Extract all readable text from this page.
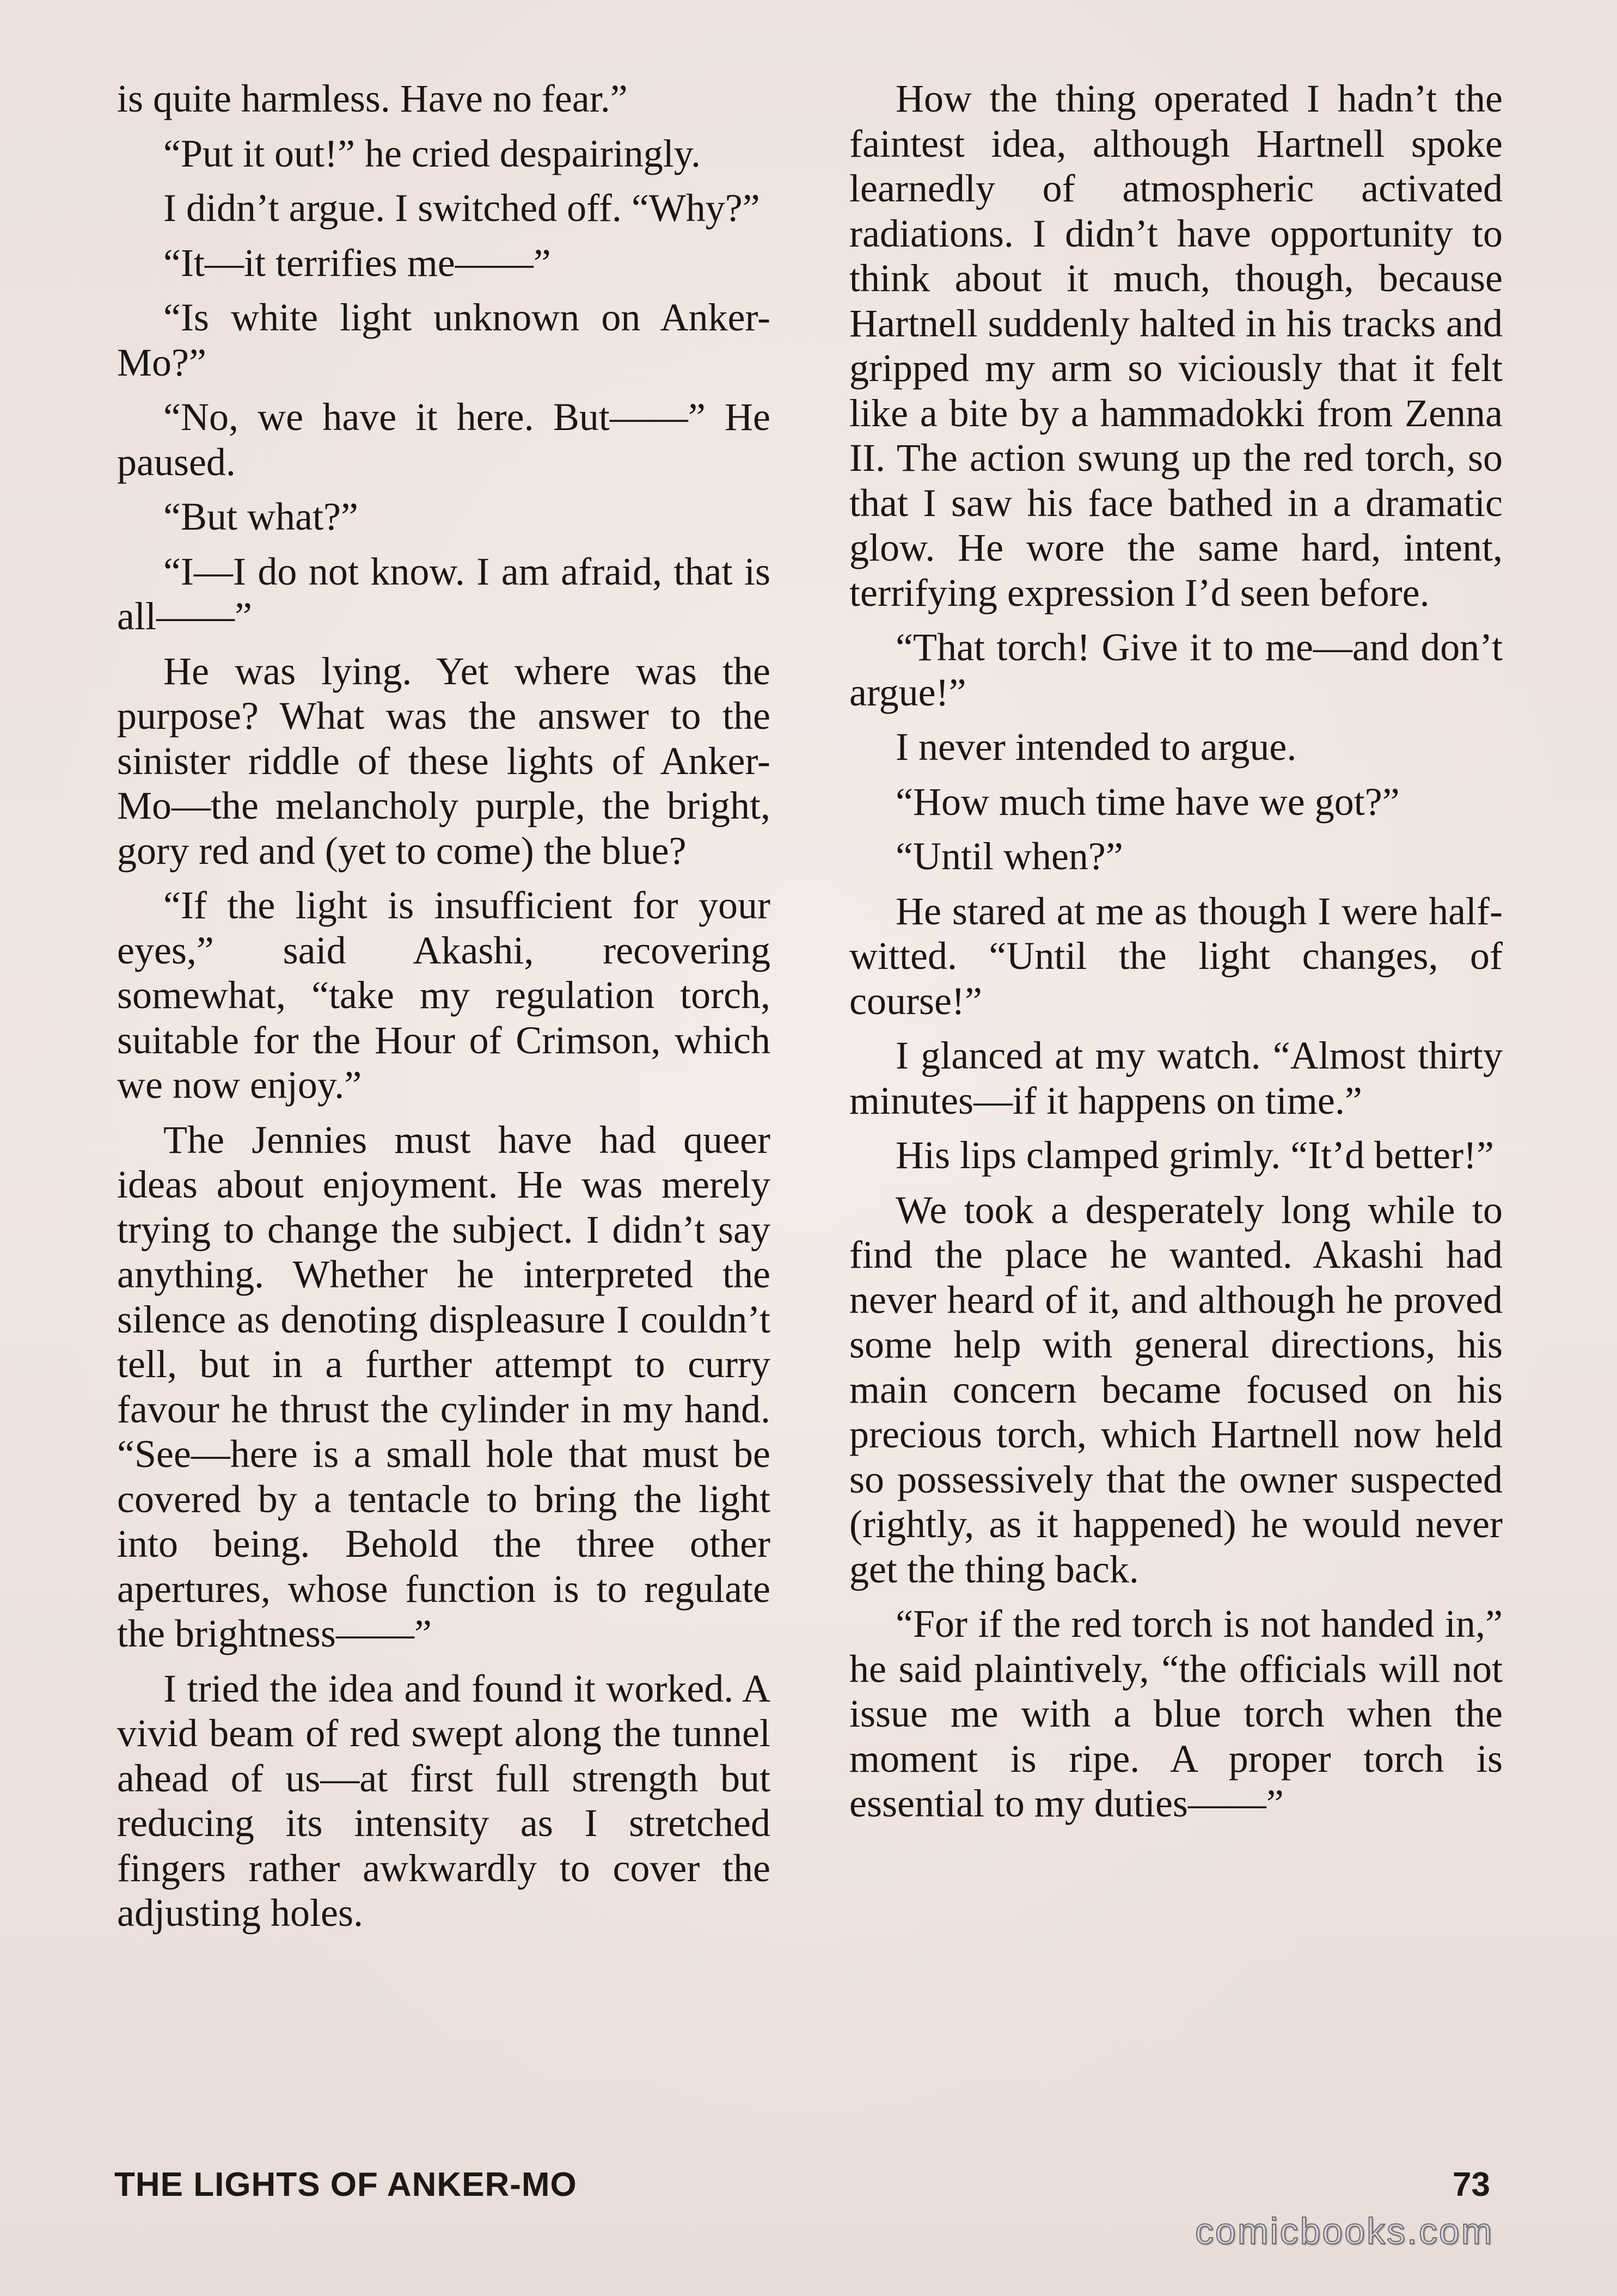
is quite harmless. Have no fear.”

“Put it out!” he cried despairingly.

I didn’t argue. I switched off. “Why?”

“It—it terrifies me——”

“Is white light unknown on Anker-Mo?”

“No, we have it here. But——” He paused.

“But what?”

“I—I do not know. I am afraid, that is all——”

He was lying. Yet where was the purpose? What was the answer to the sinister riddle of these lights of Anker-Mo—the melancholy purple, the bright, gory red and (yet to come) the blue?

“If the light is insufficient for your eyes,” said Akashi, recovering somewhat, “take my regulation torch, suitable for the Hour of Crimson, which we now enjoy.”

The Jennies must have had queer ideas about enjoyment. He was merely trying to change the subject. I didn’t say anything. Whether he interpreted the silence as denoting displeasure I couldn’t tell, but in a further attempt to curry favour he thrust the cylinder in my hand. “See—here is a small hole that must be covered by a tentacle to bring the light into being. Behold the three other apertures, whose function is to regulate the brightness——”

I tried the idea and found it worked. A vivid beam of red swept along the tunnel ahead of us—at first full strength but reducing its intensity as I stretched fingers rather awkwardly to cover the adjusting holes.

How the thing operated I hadn’t the faintest idea, although Hartnell spoke learnedly of atmospheric activated radiations. I didn’t have opportunity to think about it much, though, because Hartnell suddenly halted in his tracks and gripped my arm so viciously that it felt like a bite by a hammadokki from Zenna II. The action swung up the red torch, so that I saw his face bathed in a dramatic glow. He wore the same hard, intent, terrifying expression I’d seen before.

“That torch! Give it to me—and don’t argue!”

I never intended to argue.

“How much time have we got?”

“Until when?”

He stared at me as though I were half-witted. “Until the light changes, of course!”

I glanced at my watch. “Almost thirty minutes—if it happens on time.”

His lips clamped grimly. “It’d better!”

We took a desperately long while to find the place he wanted. Akashi had never heard of it, and although he proved some help with general directions, his main concern became focused on his precious torch, which Hartnell now held so possessively that the owner suspected (rightly, as it happened) he would never get the thing back.

“For if the red torch is not handed in,” he said plaintively, “the officials will not issue me with a blue torch when the moment is ripe. A proper torch is essential to my duties——”

THE LIGHTS OF ANKER-MO	73
comicbooks.com
